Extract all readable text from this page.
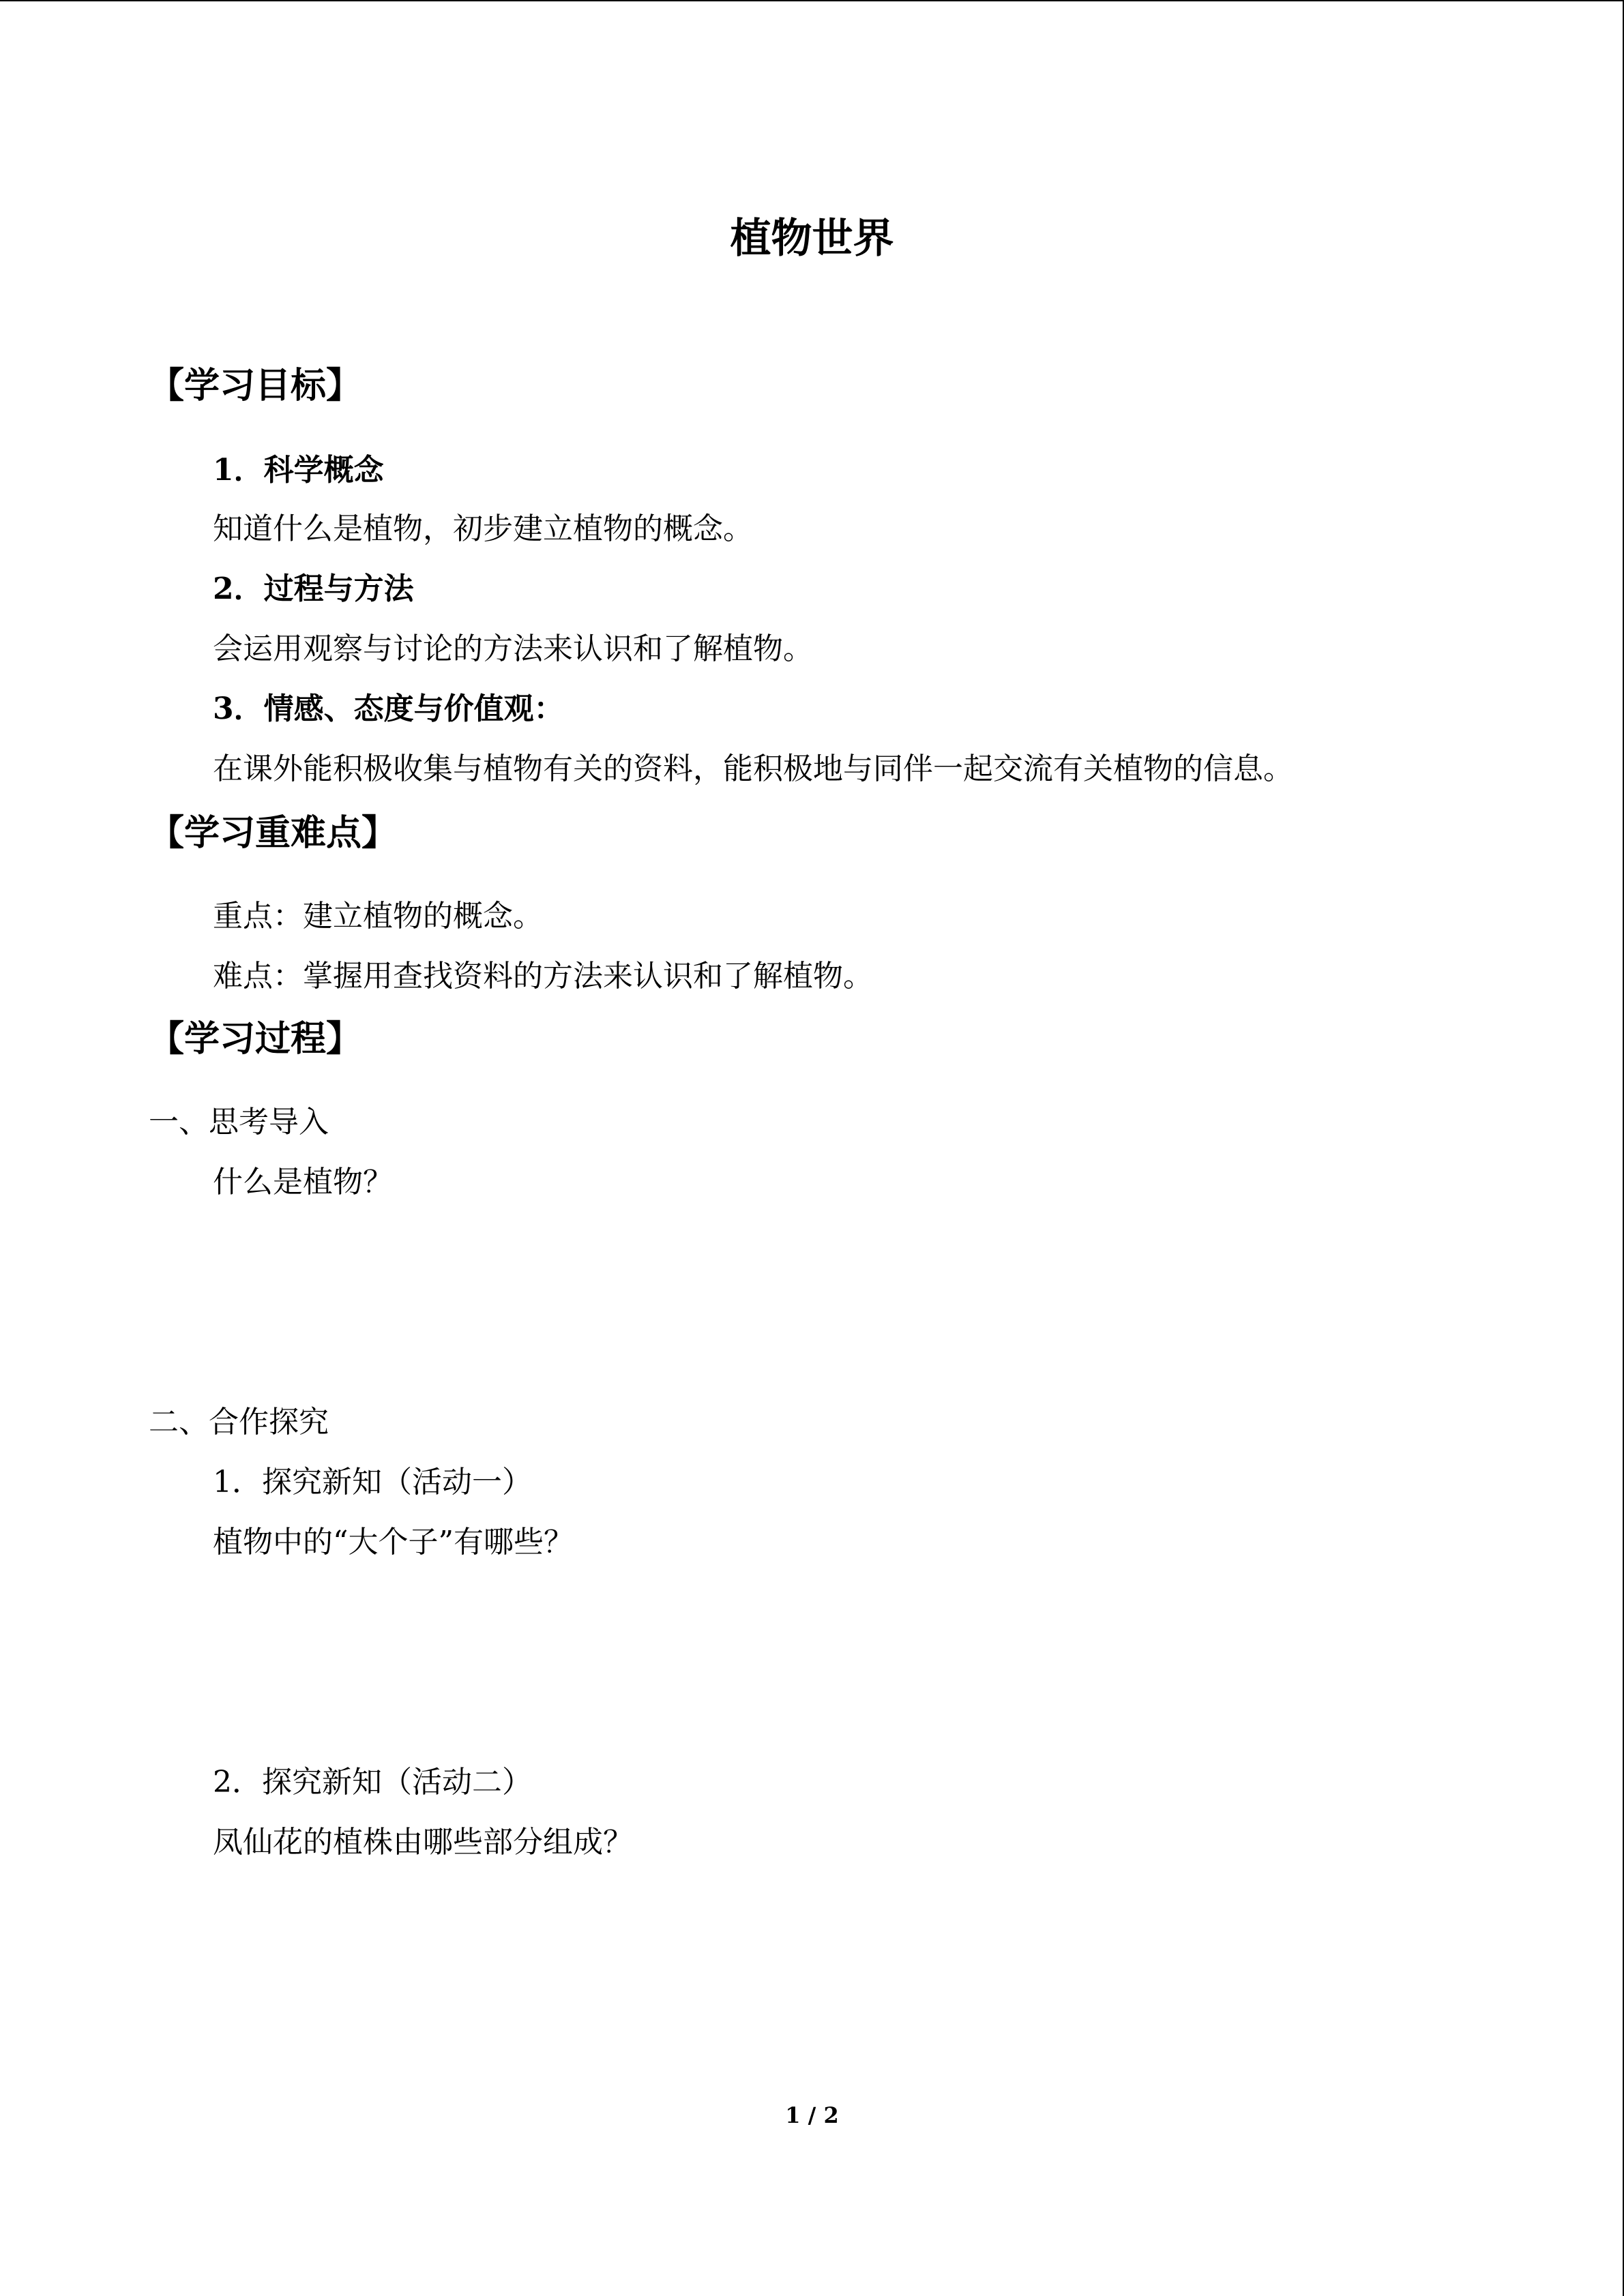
植物世界
【学习目标】
1．科学概念
知道什么是植物，初步建立植物的概念。
2．过程与方法
会运用观察与讨论的方法来认识和了解植物。
3．情感、态度与价值观：
在课外能积极收集与植物有关的资料，能积极地与同伴一起交流有关植物的信息。
【学习重难点】
重点：建立植物的概念。
难点：掌握用查找资料的方法来认识和了解植物。
【学习过程】
一、思考导入
什么是植物？
二、合作探究
1．探究新知（活动一）
植物中的“大个子”有哪些？
2．探究新知（活动二）
凤仙花的植株由哪些部分组成？
1 / 2
